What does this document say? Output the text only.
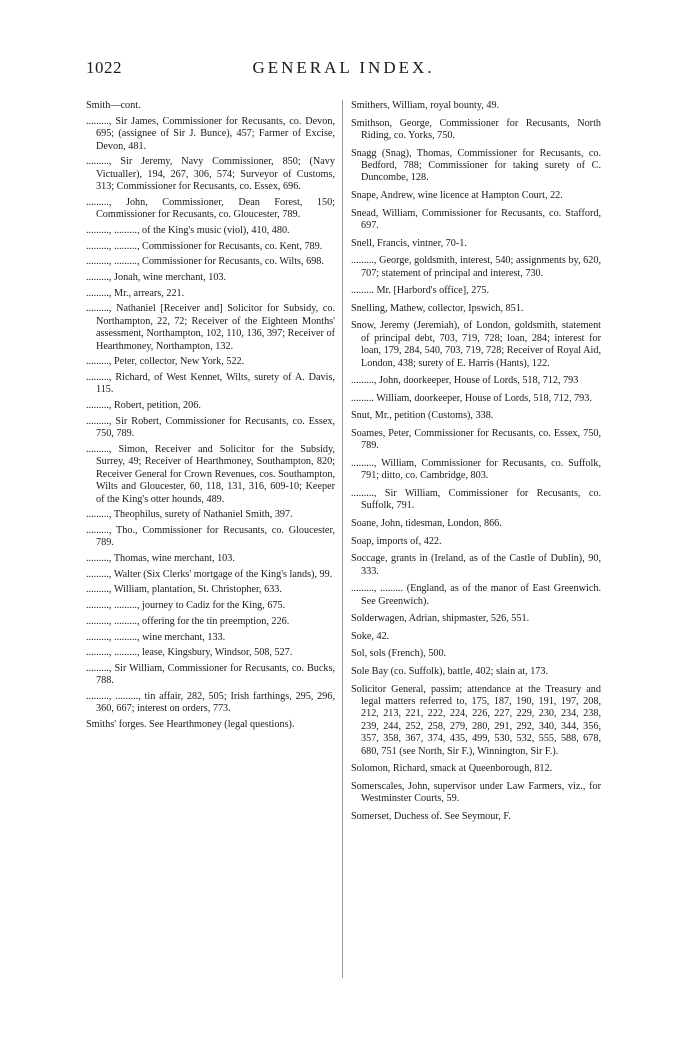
1022	GENERAL INDEX.

Smith—cont.

........., Sir James, Commissioner for Recusants, co. Devon, 695; (assignee of Sir J. Bunce), 457; Farmer of Excise, Devon, 481.

........., Sir Jeremy, Navy Commissioner, 850; (Navy Victualler), 194, 267, 306, 574; Surveyor of Customs, 313; Commissioner for Recusants, co. Essex, 696.

........., John, Commissioner, Dean Forest, 150; Commissioner for Recusants, co. Gloucester, 789.

........., ........., of the King's music (viol), 410, 480.

........., ........., Commissioner for Recusants, co. Kent, 789.

........., ........., Commissioner for Recusants, co. Wilts, 698.

........., Jonah, wine merchant, 103.

........., Mr., arrears, 221.

........., Nathaniel [Receiver and] Solicitor for Subsidy, co. Northampton, 22, 72; Receiver of the Eighteen Months' assessment, Northampton, 102, 110, 136, 397; Receiver of Hearthmoney, Northampton, 132.

........., Peter, collector, New York, 522.

........., Richard, of West Kennet, Wilts, surety of A. Davis, 115.

........., Robert, petition, 206.

........., Sir Robert, Commissioner for Recusants, co. Essex, 750, 789.

........., Simon, Receiver and Solicitor for the Subsidy, Surrey, 49; Receiver of Hearthmoney, Southampton, 820; Receiver General for Crown Revenues, cos. Southampton, Wilts and Gloucester, 60, 118, 131, 316, 609-10; Keeper of the King's otter hounds, 489.

........., Theophilus, surety of Nathaniel Smith, 397.

........., Tho., Commissioner for Recusants, co. Gloucester, 789.

........., Thomas, wine merchant, 103.

........., Walter (Six Clerks' mortgage of the King's lands), 99.

........., William, plantation, St. Christopher, 633.

........., ........., journey to Cadiz for the King, 675.

........., ........., offering for the tin preemption, 226.

........., ........., wine merchant, 133.

........., ........., lease, Kingsbury, Windsor, 508, 527.

........., Sir William, Commissioner for Recusants, co. Bucks, 788.

........., ........., tin affair, 282, 505; Irish farthings, 295, 296, 360, 667; interest on orders, 773.

Smiths' forges. See Hearthmoney (legal questions).

Smithers, William, royal bounty, 49.

Smithson, George, Commissioner for Recusants, North Riding, co. Yorks, 750.

Snagg (Snag), Thomas, Commissioner for Recusants, co. Bedford, 788; Commissioner for taking surety of C. Duncombe, 128.

Snape, Andrew, wine licence at Hampton Court, 22.

Snead, William, Commissioner for Recusants, co. Stafford, 697.

Snell, Francis, vintner, 70-1.

........., George, goldsmith, interest, 540; assignments by, 620, 707; statement of principal and interest, 730.

......... Mr. [Harbord's office], 275.

Snelling, Mathew, collector, Ipswich, 851.

Snow, Jeremy (Jeremiah), of London, goldsmith, statement of principal debt, 703, 719, 728; loan, 284; interest for loan, 179, 284, 540, 703, 719, 728; Receiver of Royal Aid, London, 438; surety of E. Harris (Hants), 122.

........., John, doorkeeper, House of Lords, 518, 712, 793

......... William, doorkeeper, House of Lords, 518, 712, 793.

Snut, Mr., petition (Customs), 338.

Soames, Peter, Commissioner for Recusants, co. Essex, 750, 789.

........., William, Commissioner for Recusants, co. Suffolk, 791; ditto, co. Cambridge, 803.

........., Sir William, Commissioner for Recusants, co. Suffolk, 791.

Soane, John, tidesman, London, 866.

Soap, imports of, 422.

Soccage, grants in (Ireland, as of the Castle of Dublin), 90, 333.

........., ......... (England, as of the manor of East Greenwich. See Greenwich).

Solderwagen, Adrian, shipmaster, 526, 551.

Soke, 42.

Sol, sols (French), 500.

Sole Bay (co. Suffolk), battle, 402; slain at, 173.

Solicitor General, passim; attendance at the Treasury and legal matters referred to, 175, 187, 190, 191, 197, 208, 212, 213, 221, 222, 224, 226, 227, 229, 230, 234, 238, 239, 244, 252, 258, 279, 280, 291, 292, 340, 344, 356, 357, 358, 367, 374, 435, 499, 530, 532, 555, 588, 678, 680, 751 (see North, Sir F.), Winnington, Sir F.).

Solomon, Richard, smack at Queenborough, 812.

Somerscales, John, supervisor under Law Farmers, viz., for Westminster Courts, 59.

Somerset, Duchess of. See Seymour, F.
